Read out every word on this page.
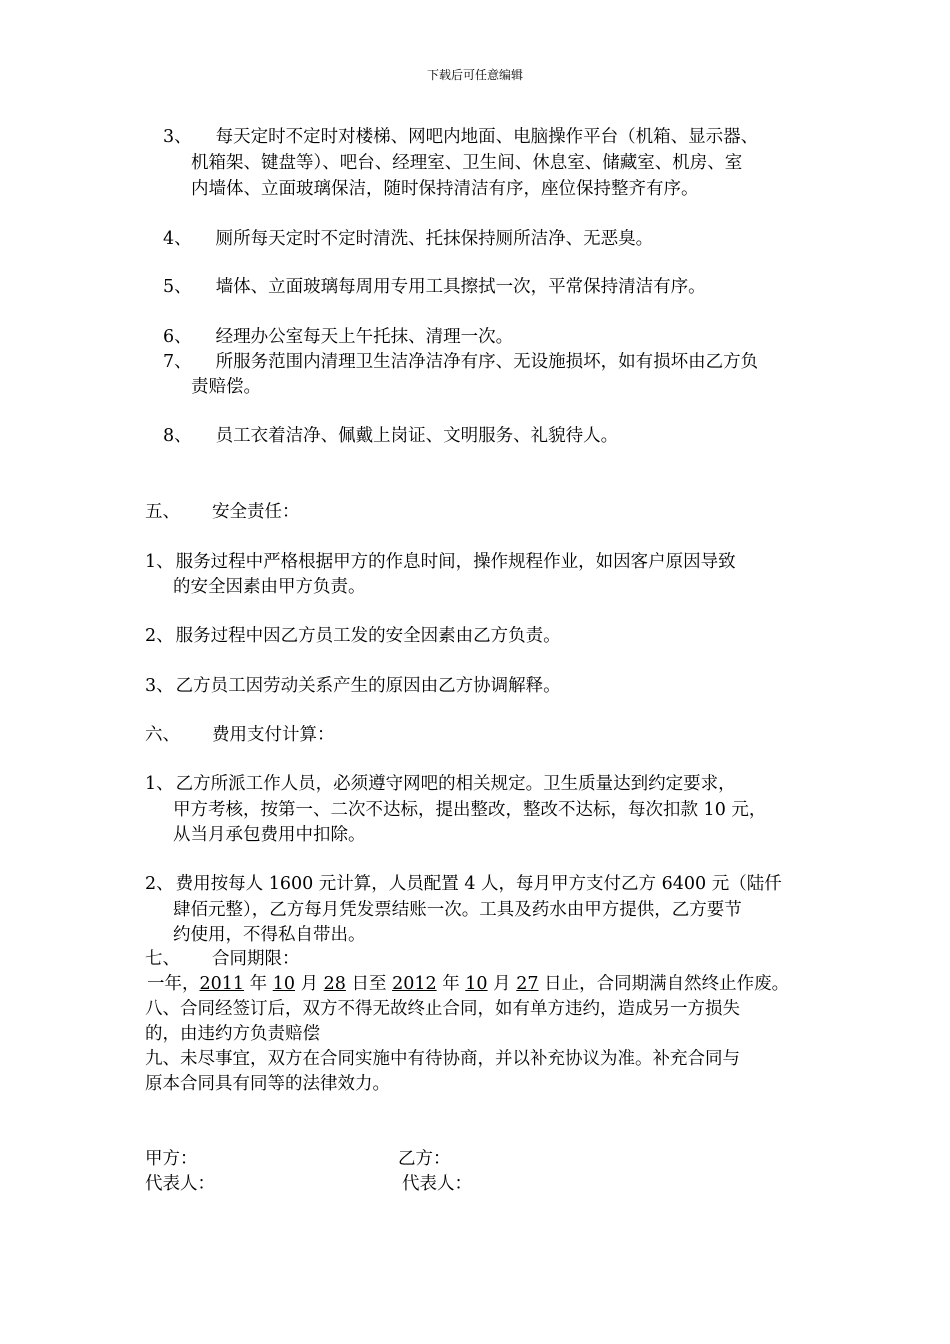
下载后可任意编辑
3、 每天定时不定时对楼梯、网吧内地面、电脑操作平台（机箱、显示器、
机箱架、键盘等）、吧台、经理室、卫生间、休息室、储藏室、机房、室
内墙体、立面玻璃保洁，随时保持清洁有序，座位保持整齐有序。
4、 厕所每天定时不定时清洗、托抹保持厕所洁净、无恶臭。
5、 墙体、立面玻璃每周用专用工具擦拭一次，平常保持清洁有序。
6、 经理办公室每天上午托抹、清理一次。
7、 所服务范围内清理卫生洁净洁净有序、无设施损坏，如有损坏由乙方负
责赔偿。
8、 员工衣着洁净、佩戴上岗证、文明服务、礼貌待人。
五、 安全责任：
1、 服务过程中严格根据甲方的作息时间，操作规程作业，如因客户原因导致
的安全因素由甲方负责。
2、 服务过程中因乙方员工发的安全因素由乙方负责。
3、 乙方员工因劳动关系产生的原因由乙方协调解释。
六、 费用支付计算：
1、 乙方所派工作人员，必须遵守网吧的相关规定。卫生质量达到约定要求，
甲方考核，按第一、二次不达标，提出整改，整改不达标，每次扣款 10 元，
从当月承包费用中扣除。
2、 费用按每人 1600 元计算，人员配置 4 人，每月甲方支付乙方 6400 元（陆仟
肆佰元整），乙方每月凭发票结账一次。工具及药水由甲方提供，乙方要节
约使用，不得私自带出。
七、 合同期限：
一年，2011 年 10 月 28 日至 2012 年 10 月 27 日止，合同期满自然终止作废。
八、合同经签订后，双方不得无故终止合同，如有单方违约，造成另一方损失
的，由违约方负责赔偿
九、未尽事宜，双方在合同实施中有待协商，并以补充协议为准。补充合同与
原本合同具有同等的法律效力。
甲方：	乙方：
代表人：	代表人：
